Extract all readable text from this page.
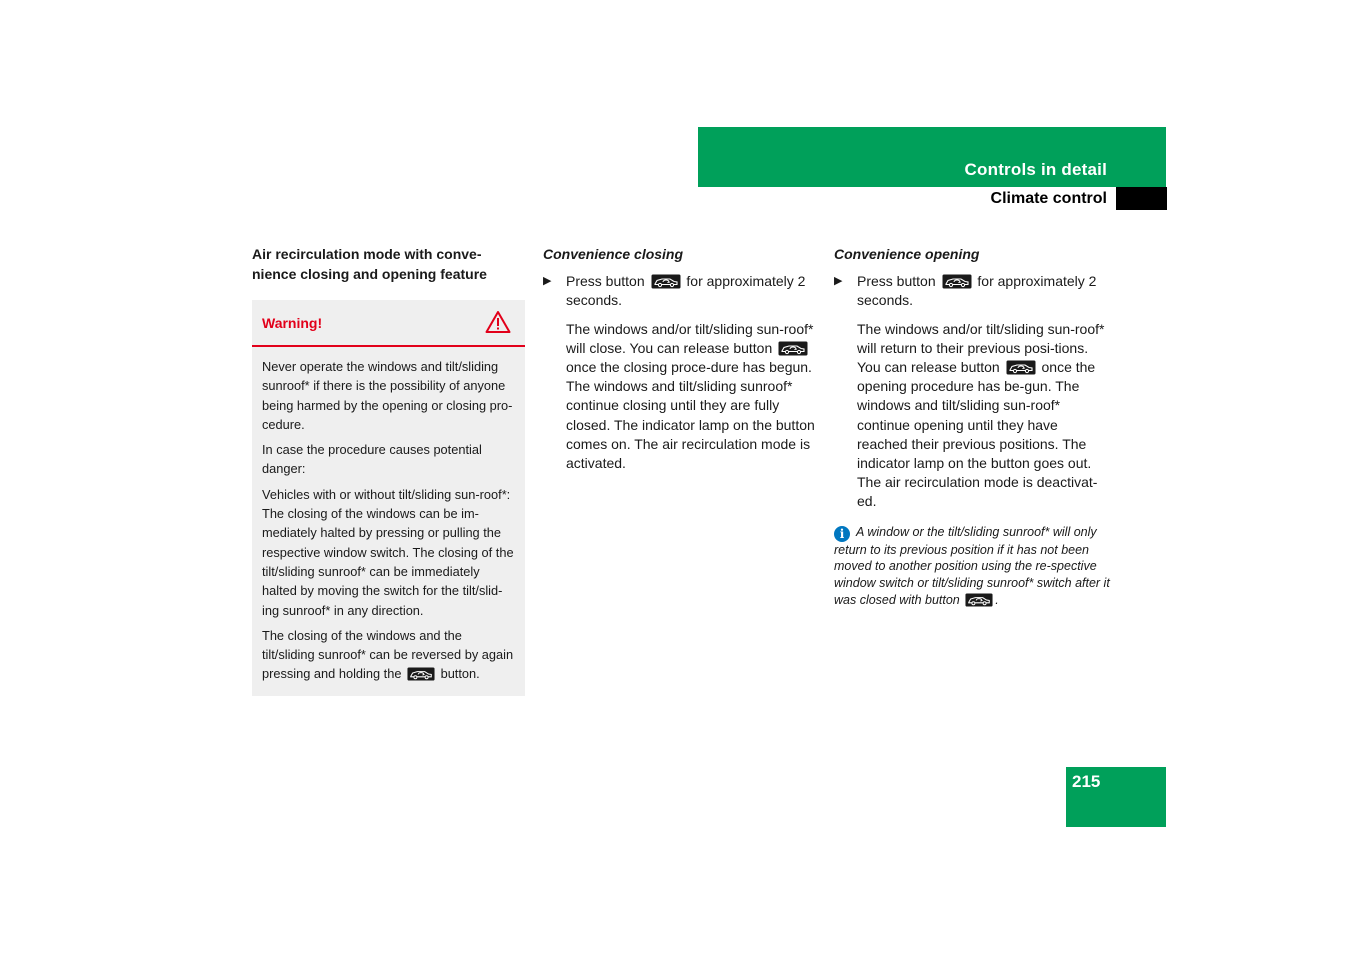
Controls in detail
Climate control
Air recirculation mode with conve-
nience closing and opening feature
Warning!

Never operate the windows and tilt/sliding sunroof* if there is the possibility of anyone being harmed by the opening or closing pro-cedure.

In case the procedure causes potential danger:

Vehicles with or without tilt/sliding sun-roof*: The closing of the windows can be im-mediately halted by pressing or pulling the respective window switch. The closing of the tilt/sliding sunroof* can be immediately halted by moving the switch for the tilt/slid-ing sunroof* in any direction.

The closing of the windows and the tilt/sliding sunroof* can be reversed by again pressing and holding the	button.

Convenience closing
▶	Press button	for approximately 2 seconds.
The windows and/or tilt/sliding sun-roof* will close. You can release button  once the closing proce-dure has begun. The windows and tilt/sliding sunroof* continue closing until they are fully closed. The indicator lamp on the button comes on. The air recirculation mode is activated.
Convenience opening
▶	Press button	for approximately 2 seconds.
The windows and/or tilt/sliding sun-roof* will return to their previous posi-tions. You can release button	once the opening procedure has be-gun. The windows and tilt/sliding sun-roof* continue opening until they have reached their previous positions. The indicator lamp on the button goes out. The air recirculation mode is deactivat-ed.
i A window or the tilt/sliding sunroof* will only return to its previous position if it has not been moved to another position using the re-spective window switch or tilt/sliding sunroof* switch after it was closed with button	.
215
